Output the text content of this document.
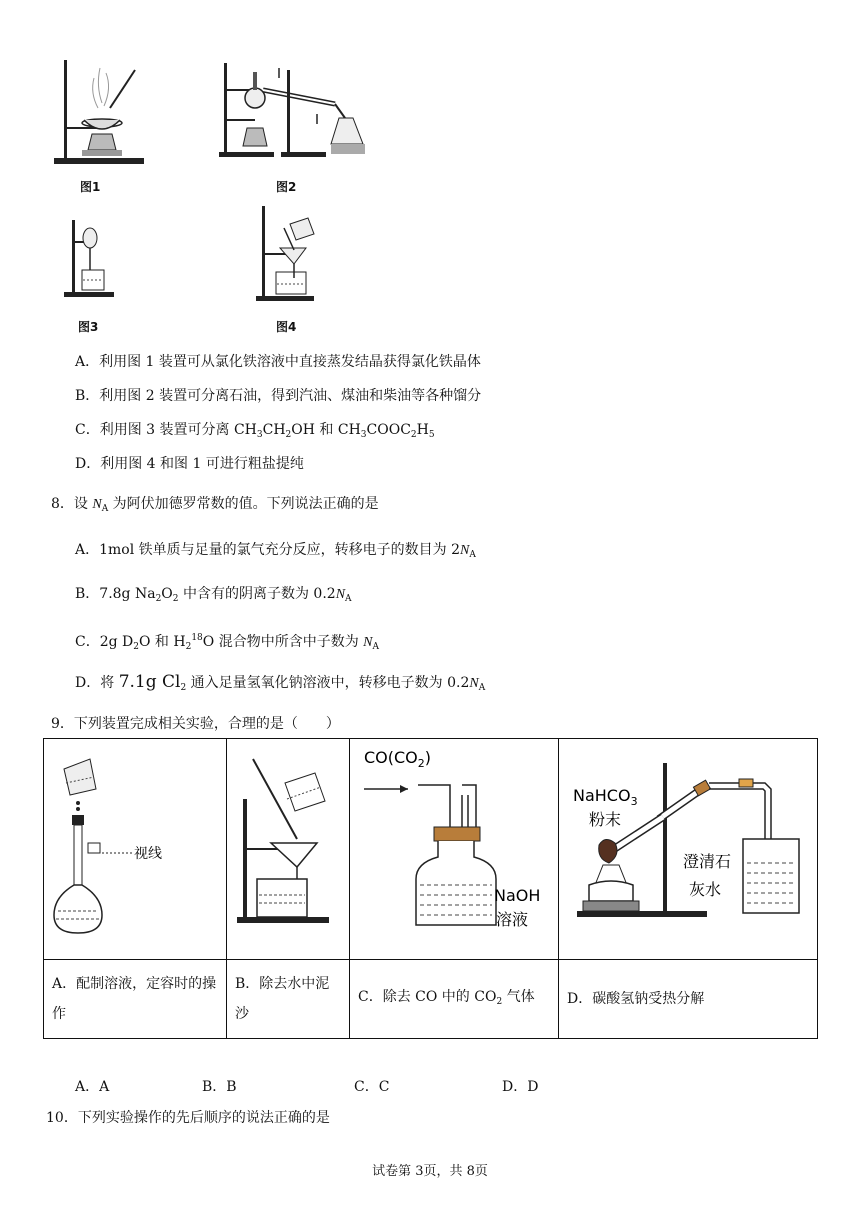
图1	图2
图3	图4
A．利用图 1 装置可从氯化铁溶液中直接蒸发结晶获得氯化铁晶体
B．利用图 2 装置可分离石油，得到汽油、煤油和柴油等各种馏分
C．利用图 3 装置可分离 $CH_3CH_2OH$ 和 $CH_3COOC_2H_5$
D．利用图 4 和图 1 可进行粗盐提纯
8．设 $N_A$ 为阿伏加德罗常数的值。下列说法正确的是
A．1mol 铁单质与足量的氯气充分反应，转移电子的数目为 $2N_A$
B．7.8g $Na_2O_2$ 中含有的阴离子数为 $0.2N_A$
C．2g $D_2O$ 和 $H_2^{18}O$ 混合物中所含中子数为 $N_A$
D．将 7.1g $Cl_2$ 通入足量氢氧化钠溶液中，转移电子数为 $0.2N_A$
9．下列装置完成相关实验，合理的是（　　）
视线		$CO(CO_2)$
NaOH
溶液	NaHCO$_3$
粉末
澄清石
灰水

A．配制溶液，定容时的操作	B．除去水中泥沙	C．除去 CO 中的 $CO_2$ 气体	D．碳酸氢钠受热分解
A．A	B．B	C．C	D．D
10．下列实验操作的先后顺序的说法正确的是
试卷第 3页，共 8页
